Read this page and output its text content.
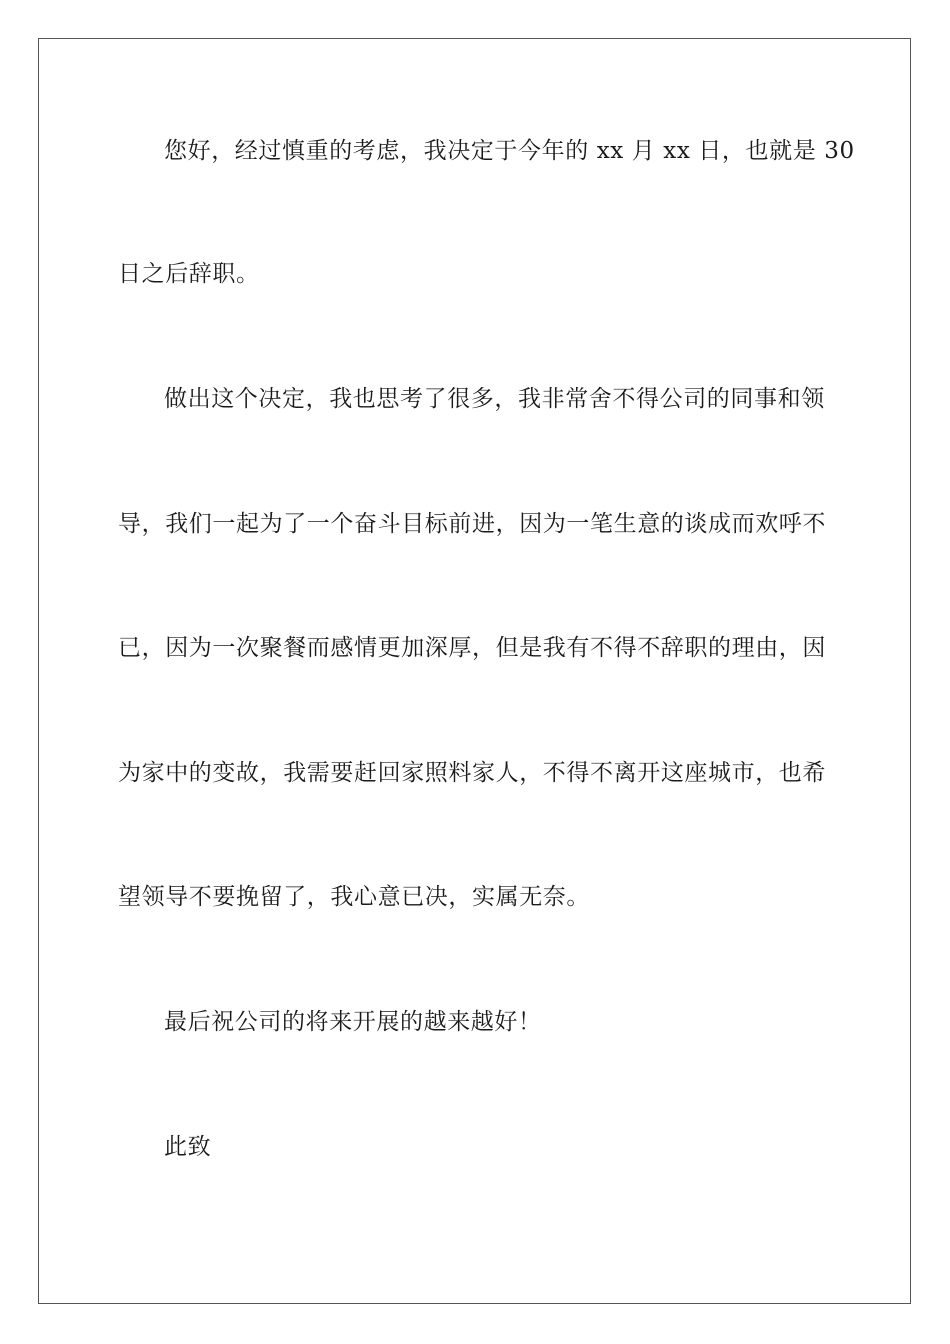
您好，经过慎重的考虑，我决定于今年的 xx 月 xx 日，也就是 30
日之后辞职。
做出这个决定，我也思考了很多，我非常舍不得公司的同事和领
导，我们一起为了一个奋斗目标前进，因为一笔生意的谈成而欢呼不
已，因为一次聚餐而感情更加深厚，但是我有不得不辞职的理由，因
为家中的变故，我需要赶回家照料家人，不得不离开这座城市，也希
望领导不要挽留了，我心意已决，实属无奈。
最后祝公司的将来开展的越来越好！
此致
